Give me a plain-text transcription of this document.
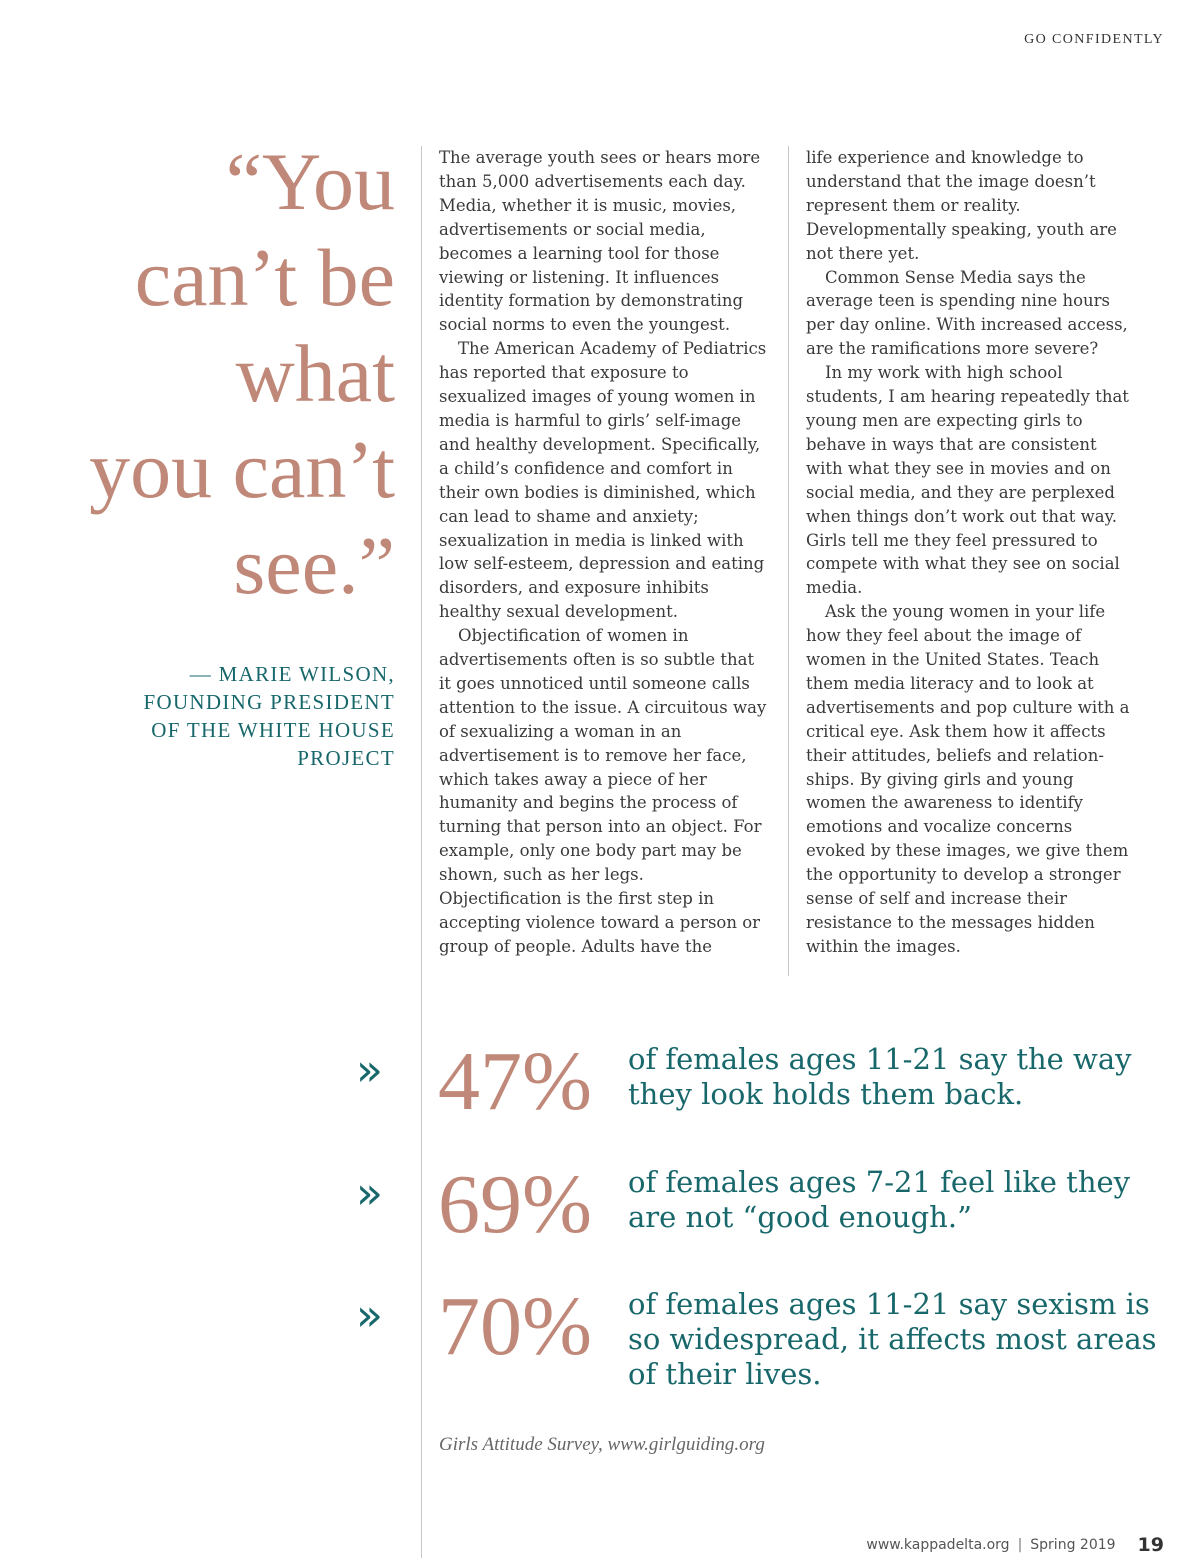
GO CONFIDENTLY
“You
can’t be
what
you can’t
see.”
— MARIE WILSON,
FOUNDING PRESIDENT
OF THE WHITE HOUSE
PROJECT

The average youth sees or hears more than 5,000 advertisements each day. Media, whether it is music, movies, advertisements or social media, becomes a learning tool for those viewing or listening. It influences identity formation by demonstrating social norms to even the youngest.

The American Academy of Pediatrics has reported that exposure to sexualized images of young women in media is harmful to girls’ self-image and healthy development. Specifically, a child’s confidence and comfort in their own bodies is diminished, which can lead to shame and anxiety; sexualization in media is linked with low self-esteem, depression and eating disorders, and exposure inhibits healthy sexual development.

Objectification of women in advertisements often is so subtle that it goes unnoticed until someone calls attention to the issue. A circuitous way of sexualizing a woman in an advertisement is to remove her face, which takes away a piece of her humanity and begins the process of turning that person into an object. For example, only one body part may be shown, such as her legs. Objectification is the first step in accepting violence toward a person or group of people. Adults have the

life experience and knowledge to understand that the image doesn’t represent them or reality. Developmentally speaking, youth are not there yet.

Common Sense Media says the average teen is spending nine hours per day online. With increased access, are the ramifications more severe?

In my work with high school students, I am hearing repeatedly that young men are expecting girls to behave in ways that are consistent with what they see in movies and on social media, and they are perplexed when things don’t work out that way. Girls tell me they feel pressured to compete with what they see on social media.

Ask the young women in your life how they feel about the image of women in the United States. Teach them media literacy and to look at advertisements and pop culture with a critical eye. Ask them how it affects their attitudes, beliefs and relation-ships. By giving girls and young women the awareness to identify emotions and vocalize concerns evoked by these images, we give them the opportunity to develop a stronger sense of self and increase their resistance to the messages hidden within the images.

» 47% of females ages 11-21 say the way they look holds them back.
» 69% of females ages 7-21 feel like they are not “good enough.”
» 70% of females ages 11-21 say sexism is so widespread, it affects most areas of their lives.
Girls Attitude Survey, www.girlguiding.org
www.kappadelta.org | Spring 2019 19
